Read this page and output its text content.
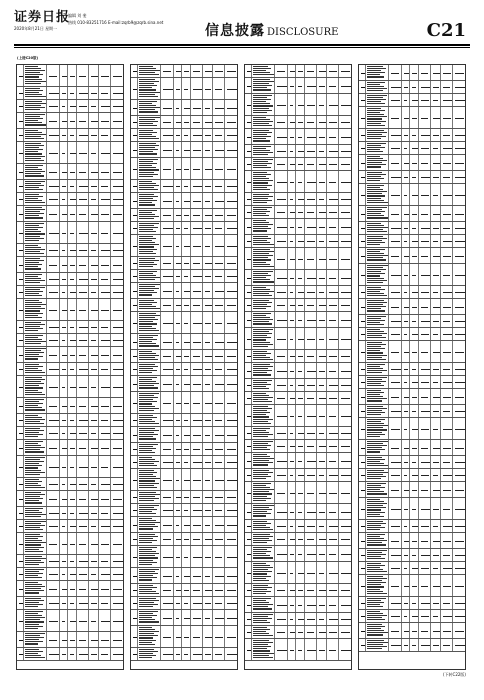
证券日报
2020年8月21日 星期一
编辑 刘 斐
热线 010-83251716 E-mail:zqrb9@zqrb.sina.net
信息披露 DISCLOSURE	C21
(上接C20版)
(下转C22版)
